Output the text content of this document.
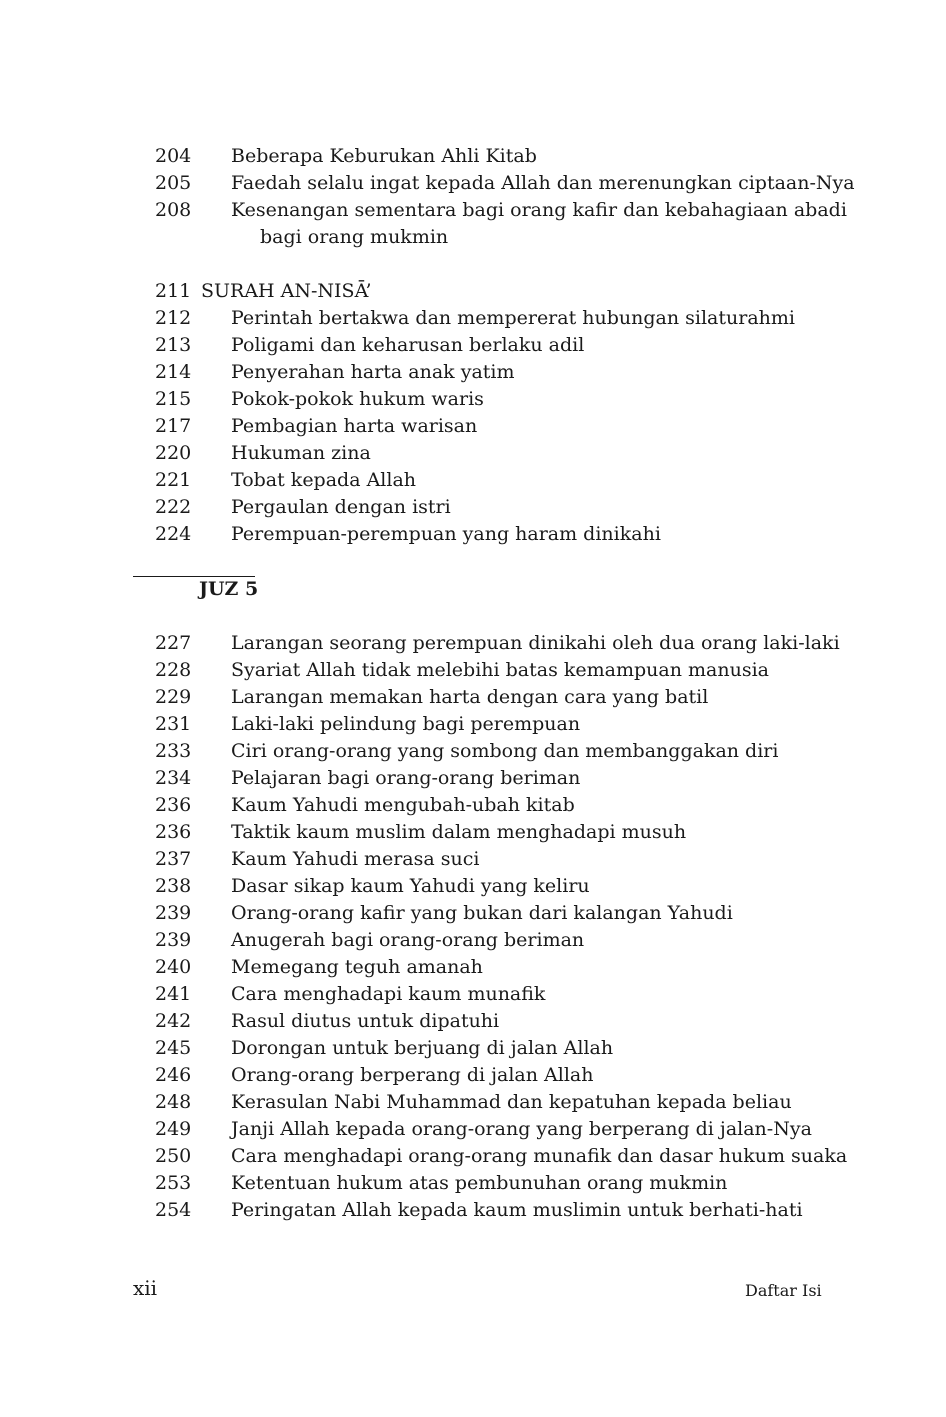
204 Beberapa Keburukan Ahli Kitab
205 Faedah selalu ingat kepada Allah dan merenungkan ciptaan-Nya
208 Kesenangan sementara bagi orang kafir dan kebahagiaan abadi
bagi orang mukmin
211 SURAH AN-NISĀ’
212 Perintah bertakwa dan mempererat hubungan silaturahmi
213 Poligami dan keharusan berlaku adil
214 Penyerahan harta anak yatim
215 Pokok-pokok hukum waris
217 Pembagian harta warisan
220 Hukuman zina
221 Tobat kepada Allah
222 Pergaulan dengan istri
224 Perempuan-perempuan yang haram dinikahi
JUZ 5
227 Larangan seorang perempuan dinikahi oleh dua orang laki-laki
228 Syariat Allah tidak melebihi batas kemampuan manusia
229 Larangan memakan harta dengan cara yang batil
231 Laki-laki pelindung bagi perempuan
233 Ciri orang-orang yang sombong dan membanggakan diri
234 Pelajaran bagi orang-orang beriman
236 Kaum Yahudi mengubah-ubah kitab
236 Taktik kaum muslim dalam menghadapi musuh
237 Kaum Yahudi merasa suci
238 Dasar sikap kaum Yahudi yang keliru
239 Orang-orang kafir yang bukan dari kalangan Yahudi
239 Anugerah bagi orang-orang beriman
240 Memegang teguh amanah
241 Cara menghadapi kaum munafik
242 Rasul diutus untuk dipatuhi
245 Dorongan untuk berjuang di jalan Allah
246 Orang-orang berperang di jalan Allah
248 Kerasulan Nabi Muhammad dan kepatuhan kepada beliau
249 Janji Allah kepada orang-orang yang berperang di jalan-Nya
250 Cara menghadapi orang-orang munafik dan dasar hukum suaka
253 Ketentuan hukum atas pembunuhan orang mukmin
254 Peringatan Allah kepada kaum muslimin untuk berhati-hati
xii	Daftar Isi
